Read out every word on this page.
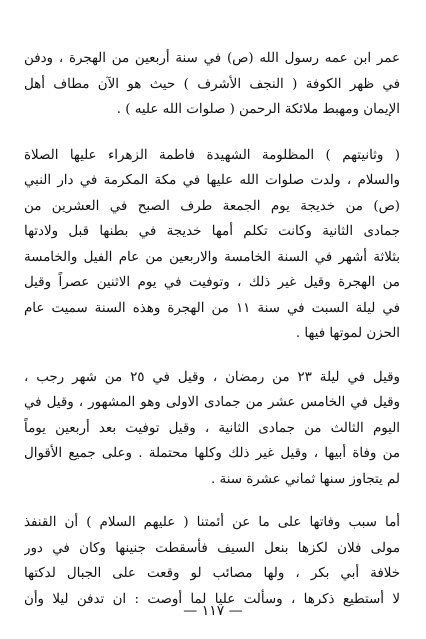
عمر ابن عمه رسول الله (ص) في سنة أربعين من الهجرة ، ودفن
في ظهر الكوفة ( النجف الأشرف ) حيث هو الآن مطاف أهل
الإيمان ومهبط ملائكة الرحمن ( صلوات الله عليه ) .

( وثانيتهم ) المظلومة الشهيدة فاطمة الزهراء عليها الصلاة
والسلام ، ولدت صلوات الله عليها في مكة المكرمة في دار النبي
(ص) من خديجة يوم الجمعة طرف الصبح في العشرين من
جمادى الثانية وكانت تكلم أمها خديجة في بطنها قبل ولادتها
بثلاثة أشهر في السنة الخامسة والاربعين من عام الفيل والخامسة
من الهجرة وقيل غير ذلك ، وتوفيت في يوم الاثنين عصراً وقيل
في ليلة السبت في سنة ١١ من الهجرة وهذه السنة سميت عام
الحزن لموتها فيها .

وقيل في ليلة ٢٣ من رمضان ، وقيل في ٢٥ من شهر رجب ،
وقيل في الخامس عشر من جمادى الاولى وهو المشهور ، وقيل في
اليوم الثالث من جمادى الثانية ، وقيل توفيت بعد أربعين يوماً
من وفاة أبيها ، وقيل غير ذلك وكلها محتملة . وعلى جميع الأقوال
لم يتجاوز سنها ثماني عشرة سنة .

أما سبب وفاتها على ما عن أئمتنا ( عليهم السلام ) أن القنفذ
مولى فلان لكزها بنعل السيف فأسقطت جنينها وكان في دور
خلافة أبي بكر ، ولها مصائب لو وقعت على الجبال لدكتها
لا أستطيع ذكرها ، وسألت عليا لما أوصت : ان تدفن ليلا وأن

— ١١٧ —
